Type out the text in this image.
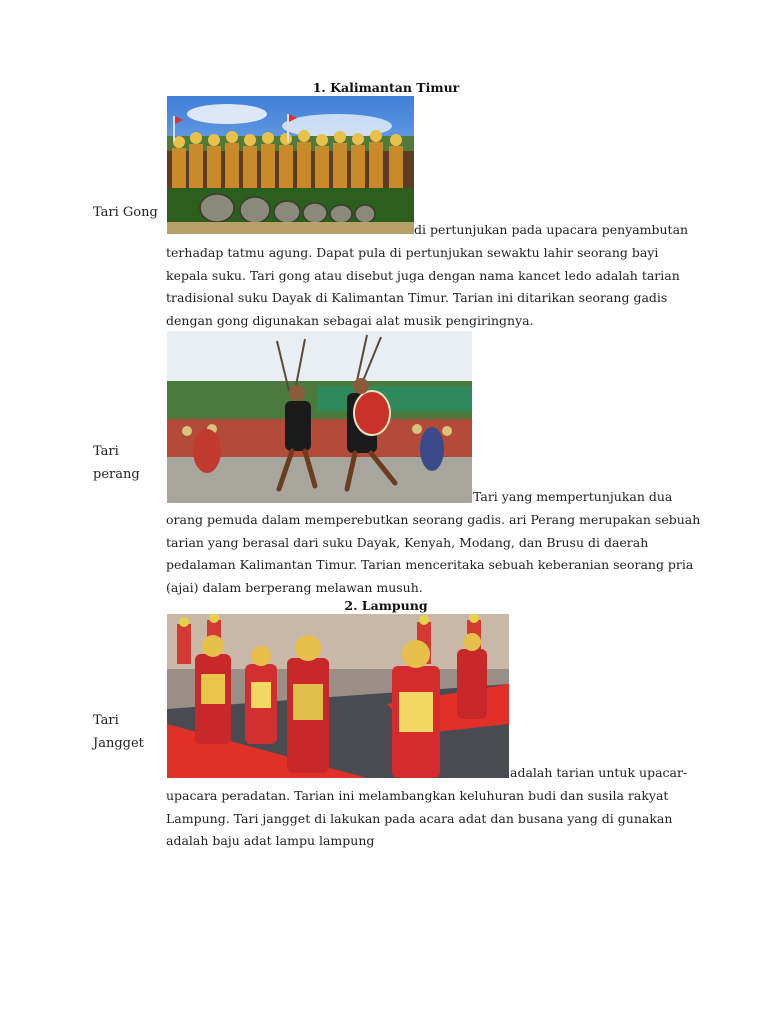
1. Kalimantan Timur
Tari Gong
di pertunjukan pada upacara penyambutan
terhadap tatmu agung. Dapat pula di pertunjukan sewaktu lahir seorang bayi
kepala suku. Tari gong atau disebut juga dengan nama kancet ledo adalah tarian
tradisional suku Dayak di Kalimantan Timur. Tarian ini ditarikan seorang gadis
dengan gong digunakan sebagai alat musik pengiringnya.
Tari
perang
Tari yang mempertunjukan dua
orang pemuda dalam memperebutkan seorang gadis. ari Perang merupakan sebuah
tarian yang berasal dari suku Dayak, Kenyah, Modang, dan Brusu di daerah
pedalaman Kalimantan Timur. Tarian menceritaka sebuah keberanian seorang pria
(ajai) dalam berperang melawan musuh.
2. Lampung
Tari
Jangget
adalah tarian untuk upacar-
upacara peradatan. Tarian ini melambangkan keluhuran budi dan susila rakyat
Lampung. Tari jangget di lakukan pada acara adat dan busana yang di gunakan
adalah baju adat lampu lampung
